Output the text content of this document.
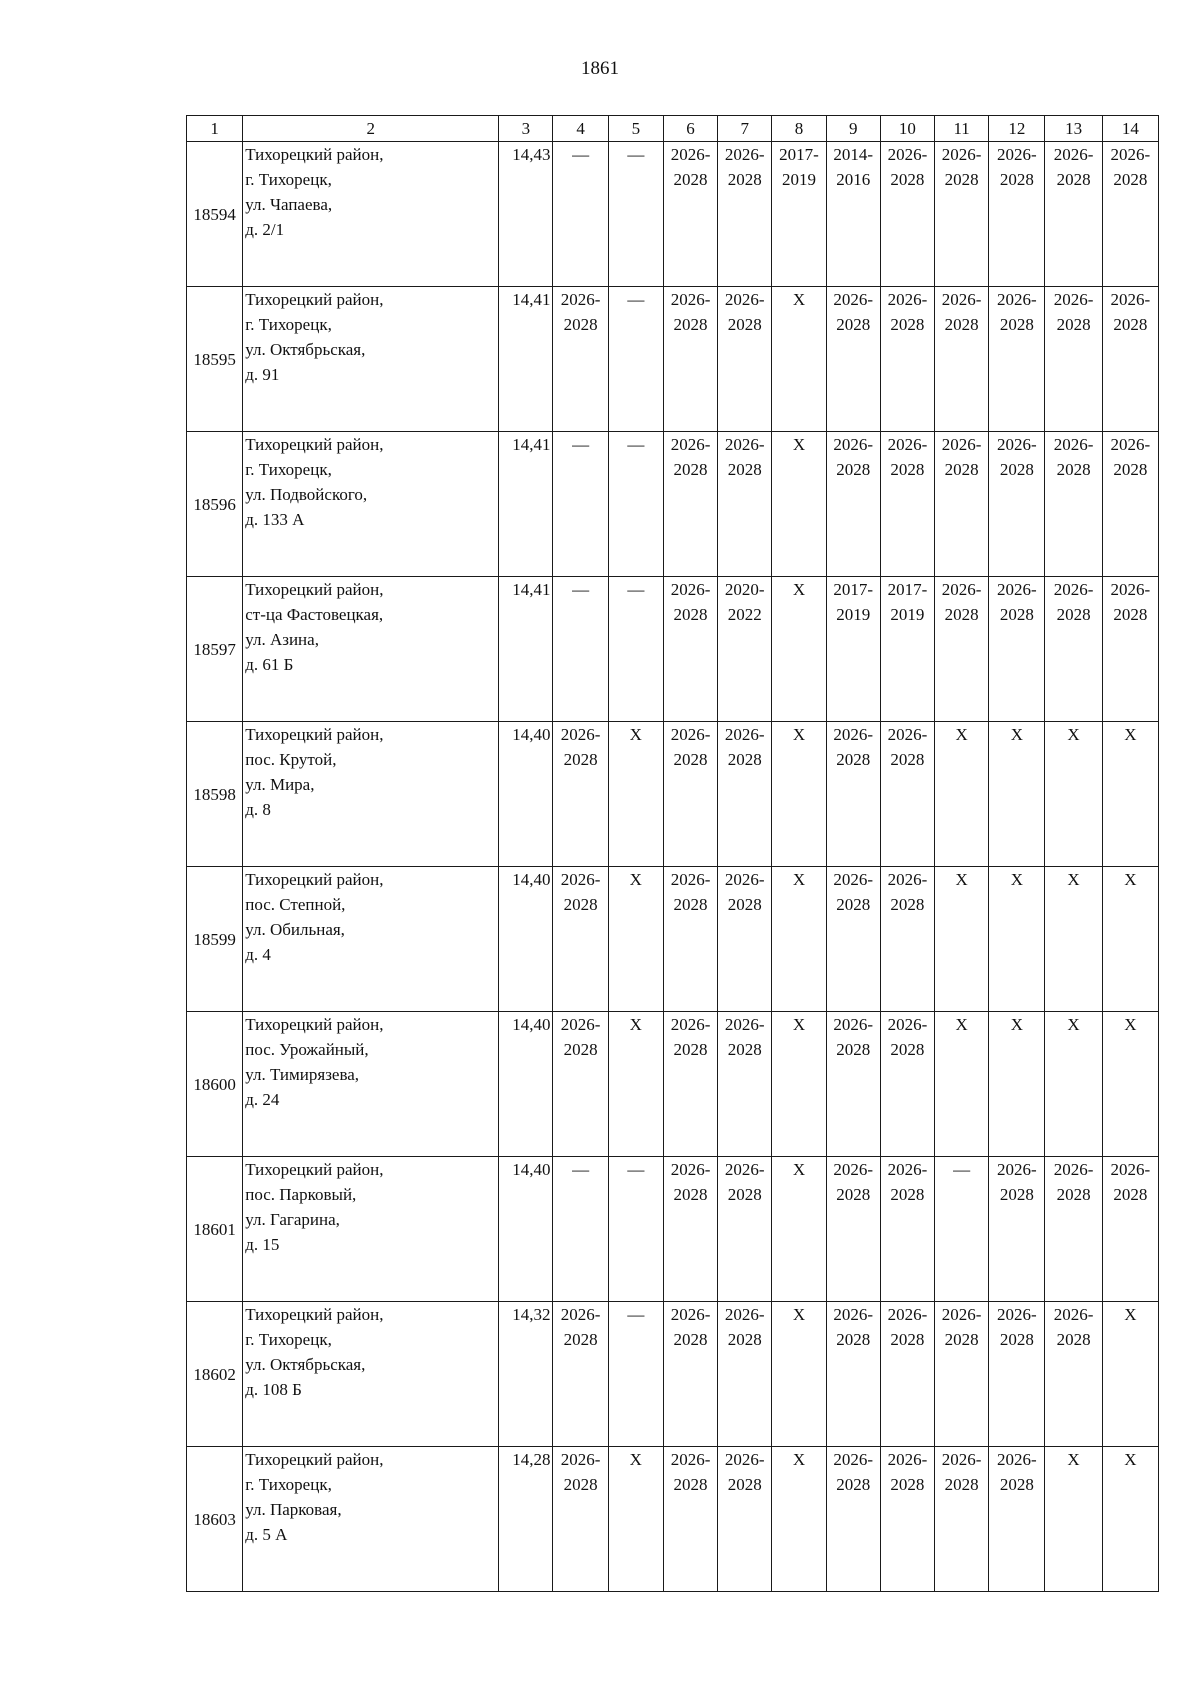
1861
1	2	3	4	5	6	7	8	9	10	11	12	13	14
18594	Тихорецкий район,
г. Тихорецк,
ул. Чапаева,
д. 2/1	14,43	—	—	2026-
2028	2026-
2028	2017-
2019	2014-
2016	2026-
2028	2026-
2028	2026-
2028	2026-
2028	2026-
2028

18595	Тихорецкий район,
г. Тихорецк,
ул. Октябрьская,
д. 91	14,41	2026-
2028	—	2026-
2028	2026-
2028	Х	2026-
2028	2026-
2028	2026-
2028	2026-
2028	2026-
2028	2026-
2028

18596	Тихорецкий район,
г. Тихорецк,
ул. Подвойского,
д. 133 А	14,41	—	—	2026-
2028	2026-
2028	Х	2026-
2028	2026-
2028	2026-
2028	2026-
2028	2026-
2028	2026-
2028

18597	Тихорецкий район,
ст-ца Фастовецкая,
ул. Азина,
д. 61 Б	14,41	—	—	2026-
2028	2020-
2022	Х	2017-
2019	2017-
2019	2026-
2028	2026-
2028	2026-
2028	2026-
2028

18598	Тихорецкий район,
пос. Крутой,
ул. Мира,
д. 8	14,40	2026-
2028	Х	2026-
2028	2026-
2028	Х	2026-
2028	2026-
2028	Х	Х	Х	Х

18599	Тихорецкий район,
пос. Степной,
ул. Обильная,
д. 4	14,40	2026-
2028	Х	2026-
2028	2026-
2028	Х	2026-
2028	2026-
2028	Х	Х	Х	Х

18600	Тихорецкий район,
пос. Урожайный,
ул. Тимирязева,
д. 24	14,40	2026-
2028	Х	2026-
2028	2026-
2028	Х	2026-
2028	2026-
2028	Х	Х	Х	Х

18601	Тихорецкий район,
пос. Парковый,
ул. Гагарина,
д. 15	14,40	—	—	2026-
2028	2026-
2028	Х	2026-
2028	2026-
2028	—	2026-
2028	2026-
2028	2026-
2028

18602	Тихорецкий район,
г. Тихорецк,
ул. Октябрьская,
д. 108 Б	14,32	2026-
2028	—	2026-
2028	2026-
2028	Х	2026-
2028	2026-
2028	2026-
2028	2026-
2028	2026-
2028	Х

18603	Тихорецкий район,
г. Тихорецк,
ул. Парковая,
д. 5 А	14,28	2026-
2028	Х	2026-
2028	2026-
2028	Х	2026-
2028	2026-
2028	2026-
2028	2026-
2028	Х	Х
